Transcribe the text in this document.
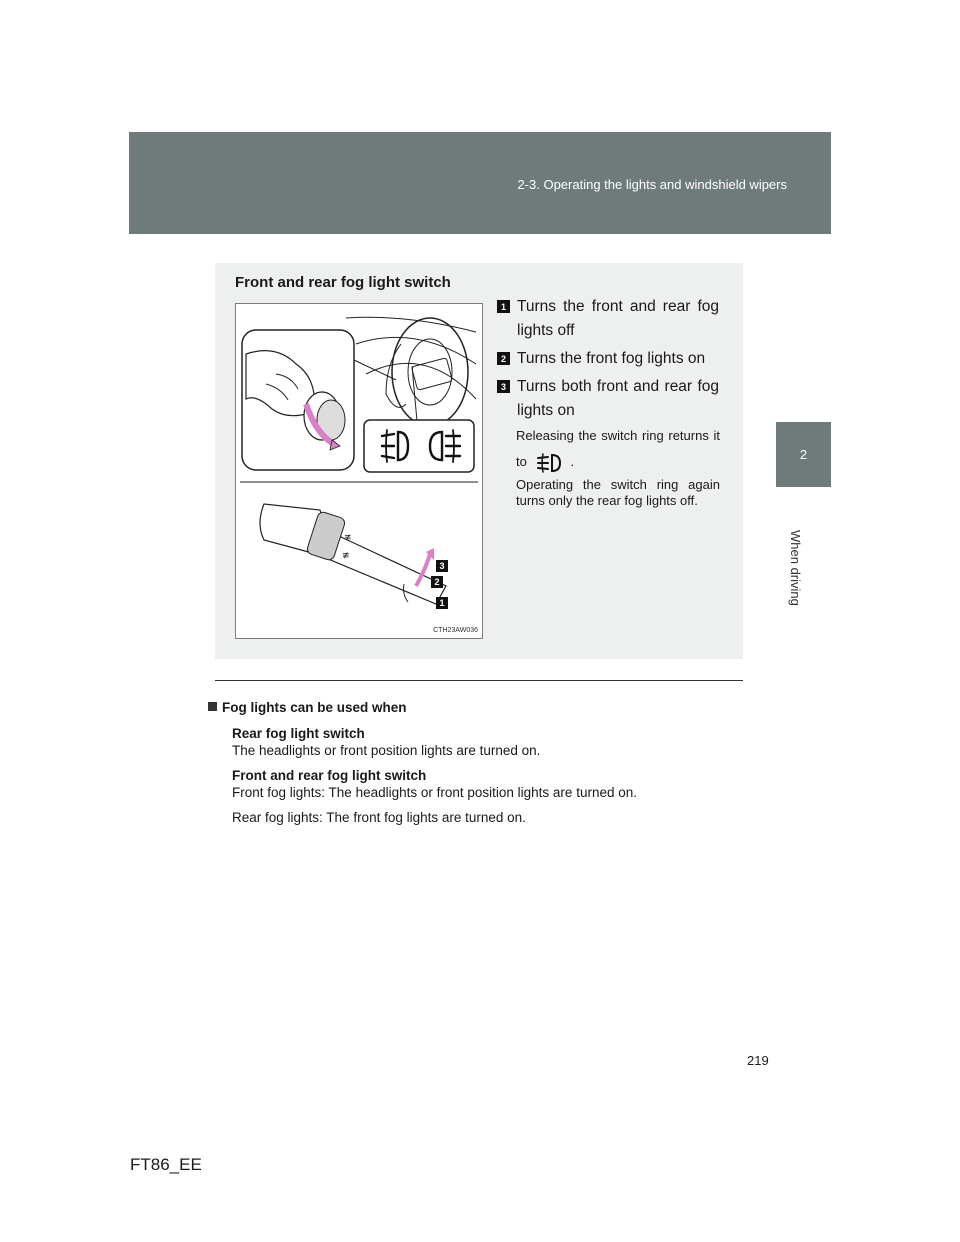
2-3. Operating the lights and windshield wipers
2
When driving
Front and rear fog light switch
≢
≢
3
2
1
CTH23AW036
1 Turns the front and rear fog lights off
2 Turns the front fog lights on
3 Turns both front and rear fog lights on
Releasing the switch ring returns it to	.
Operating the switch ring again turns only the rear fog lights off.
Fog lights can be used when

Rear fog light switch
The headlights or front position lights are turned on.

Front and rear fog light switch
Front fog lights: The headlights or front position lights are turned on.

Rear fog lights: The front fog lights are turned on.

219
FT86_EE
